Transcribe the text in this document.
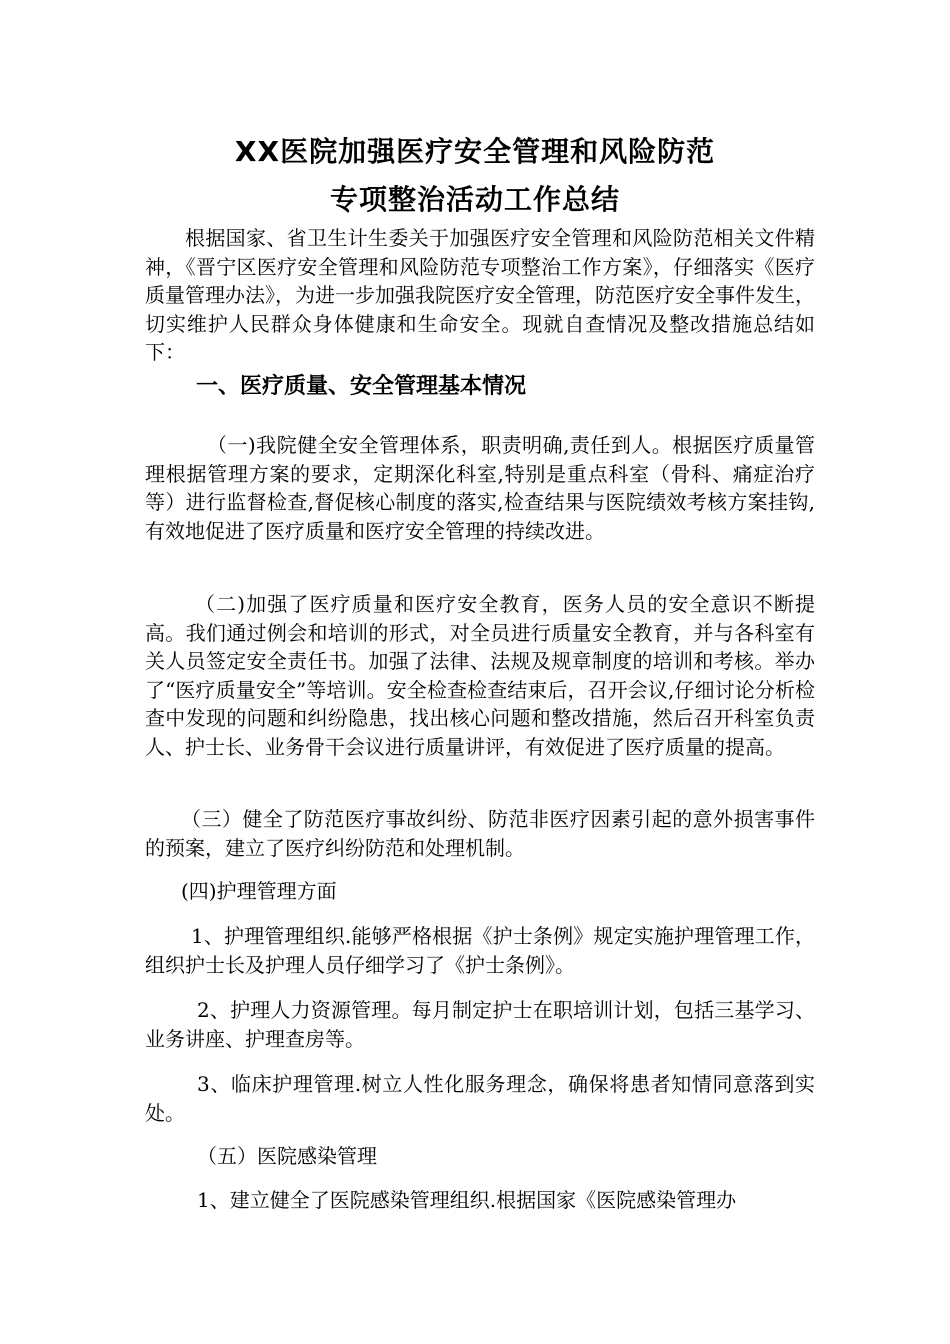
XX医院加强医疗安全管理和风险防范
专项整治活动工作总结
根据国家、省卫生计生委关于加强医疗安全管理和风险防范相关文件精神，《晋宁区医疗安全管理和风险防范专项整治工作方案》，仔细落实《医疗质量管理办法》，为进一步加强我院医疗安全管理，防范医疗安全事件发生，切实维护人民群众身体健康和生命安全。现就自查情况及整改措施总结如下：
一、医疗质量、安全管理基本情况
（一)我院健全安全管理体系，职责明确,责任到人。根据医疗质量管理根据管理方案的要求，定期深化科室,特别是重点科室（骨科、痛症治疗等）进行监督检查,督促核心制度的落实,检查结果与医院绩效考核方案挂钩,有效地促进了医疗质量和医疗安全管理的持续改进。
（二)加强了医疗质量和医疗安全教育，医务人员的安全意识不断提高。我们通过例会和培训的形式，对全员进行质量安全教育，并与各科室有关人员签定安全责任书。加强了法律、法规及规章制度的培训和考核。举办了“医疗质量安全”等培训。安全检查检查结束后，召开会议,仔细讨论分析检查中发现的问题和纠纷隐患，找出核心问题和整改措施，然后召开科室负责人、护士长、业务骨干会议进行质量讲评，有效促进了医疗质量的提高。
（三）健全了防范医疗事故纠纷、防范非医疗因素引起的意外损害事件的预案，建立了医疗纠纷防范和处理机制。
(四)护理管理方面
1、护理管理组织.能够严格根据《护士条例》规定实施护理管理工作，组织护士长及护理人员仔细学习了《护士条例》。
2、护理人力资源管理。每月制定护士在职培训计划，包括三基学习、业务讲座、护理查房等。
3、临床护理管理.树立人性化服务理念，确保将患者知情同意落到实处。
（五）医院感染管理
1、建立健全了医院感染管理组织.根据国家《医院感染管理办
